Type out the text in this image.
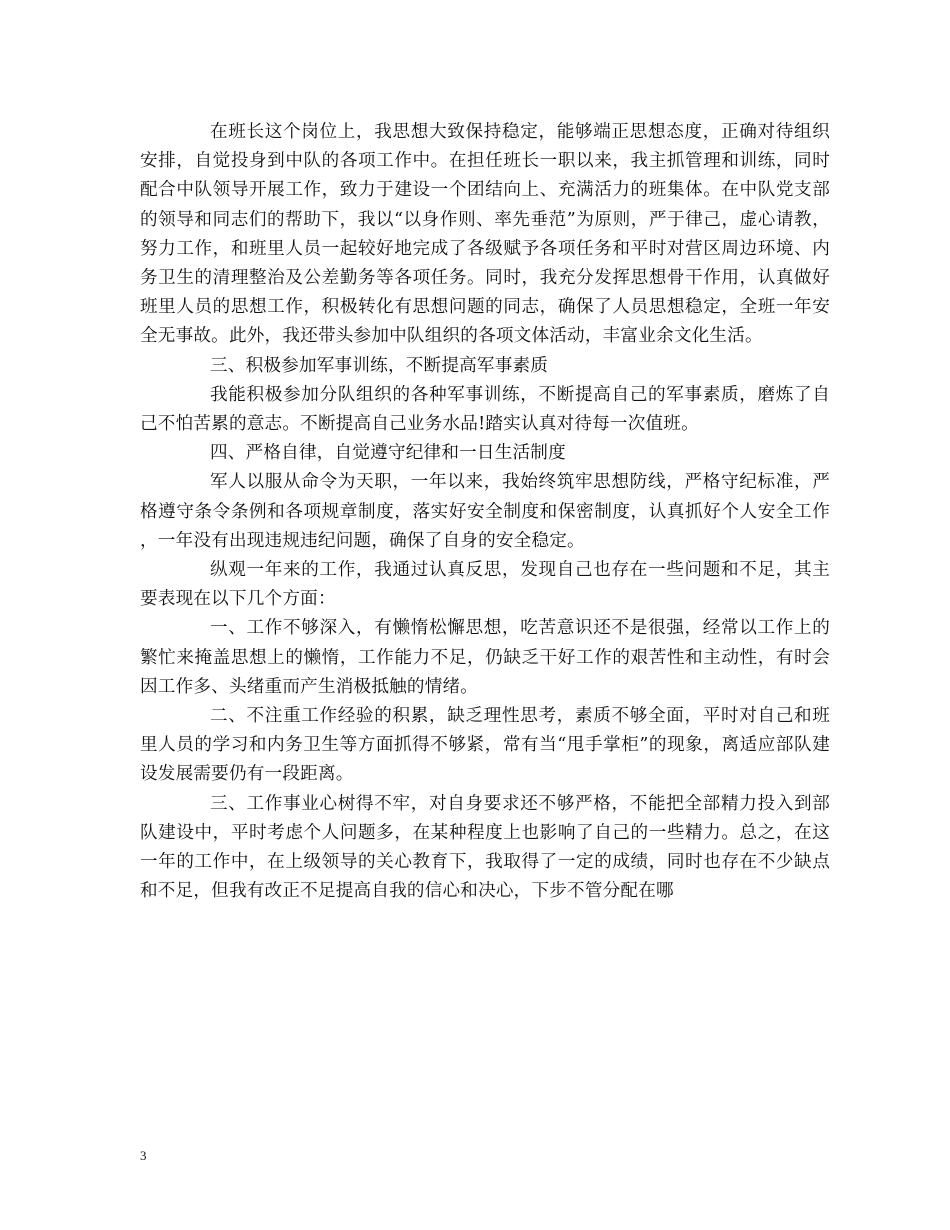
在班长这个岗位上，我思想大致保持稳定，能够端正思想态度，正确对待组织安排，自觉投身到中队的各项工作中。在担任班长一职以来，我主抓管理和训练，同时配合中队领导开展工作，致力于建设一个团结向上、充满活力的班集体。在中队党支部的领导和同志们的帮助下，我以“以身作则、率先垂范”为原则，严于律己，虚心请教，努力工作，和班里人员一起较好地完成了各级赋予各项任务和平时对营区周边环境、内务卫生的清理整治及公差勤务等各项任务。同时，我充分发挥思想骨干作用，认真做好班里人员的思想工作，积极转化有思想问题的同志，确保了人员思想稳定，全班一年安全无事故。此外，我还带头参加中队组织的各项文体活动，丰富业余文化生活。

三、积极参加军事训练，不断提高军事素质

我能积极参加分队组织的各种军事训练，不断提高自己的军事素质，磨炼了自己不怕苦累的意志。不断提高自己业务水品!踏实认真对待每一次值班。

四、严格自律，自觉遵守纪律和一日生活制度

军人以服从命令为天职，一年以来，我始终筑牢思想防线，严格守纪标准，严格遵守条令条例和各项规章制度，落实好安全制度和保密制度，认真抓好个人安全工作，一年没有出现违规违纪问题，确保了自身的安全稳定。

纵观一年来的工作，我通过认真反思，发现自己也存在一些问题和不足，其主要表现在以下几个方面：

一、工作不够深入，有懒惰松懈思想，吃苦意识还不是很强，经常以工作上的繁忙来掩盖思想上的懒惰，工作能力不足，仍缺乏干好工作的艰苦性和主动性，有时会因工作多、头绪重而产生消极抵触的情绪。

二、不注重工作经验的积累，缺乏理性思考，素质不够全面，平时对自己和班里人员的学习和内务卫生等方面抓得不够紧，常有当“甩手掌柜”的现象，离适应部队建设发展需要仍有一段距离。

三、工作事业心树得不牢，对自身要求还不够严格，不能把全部精力投入到部队建设中，平时考虑个人问题多，在某种程度上也影响了自己的一些精力。总之，在这一年的工作中，在上级领导的关心教育下，我取得了一定的成绩，同时也存在不少缺点和不足，但我有改正不足提高自我的信心和决心，下步不管分配在哪

3
